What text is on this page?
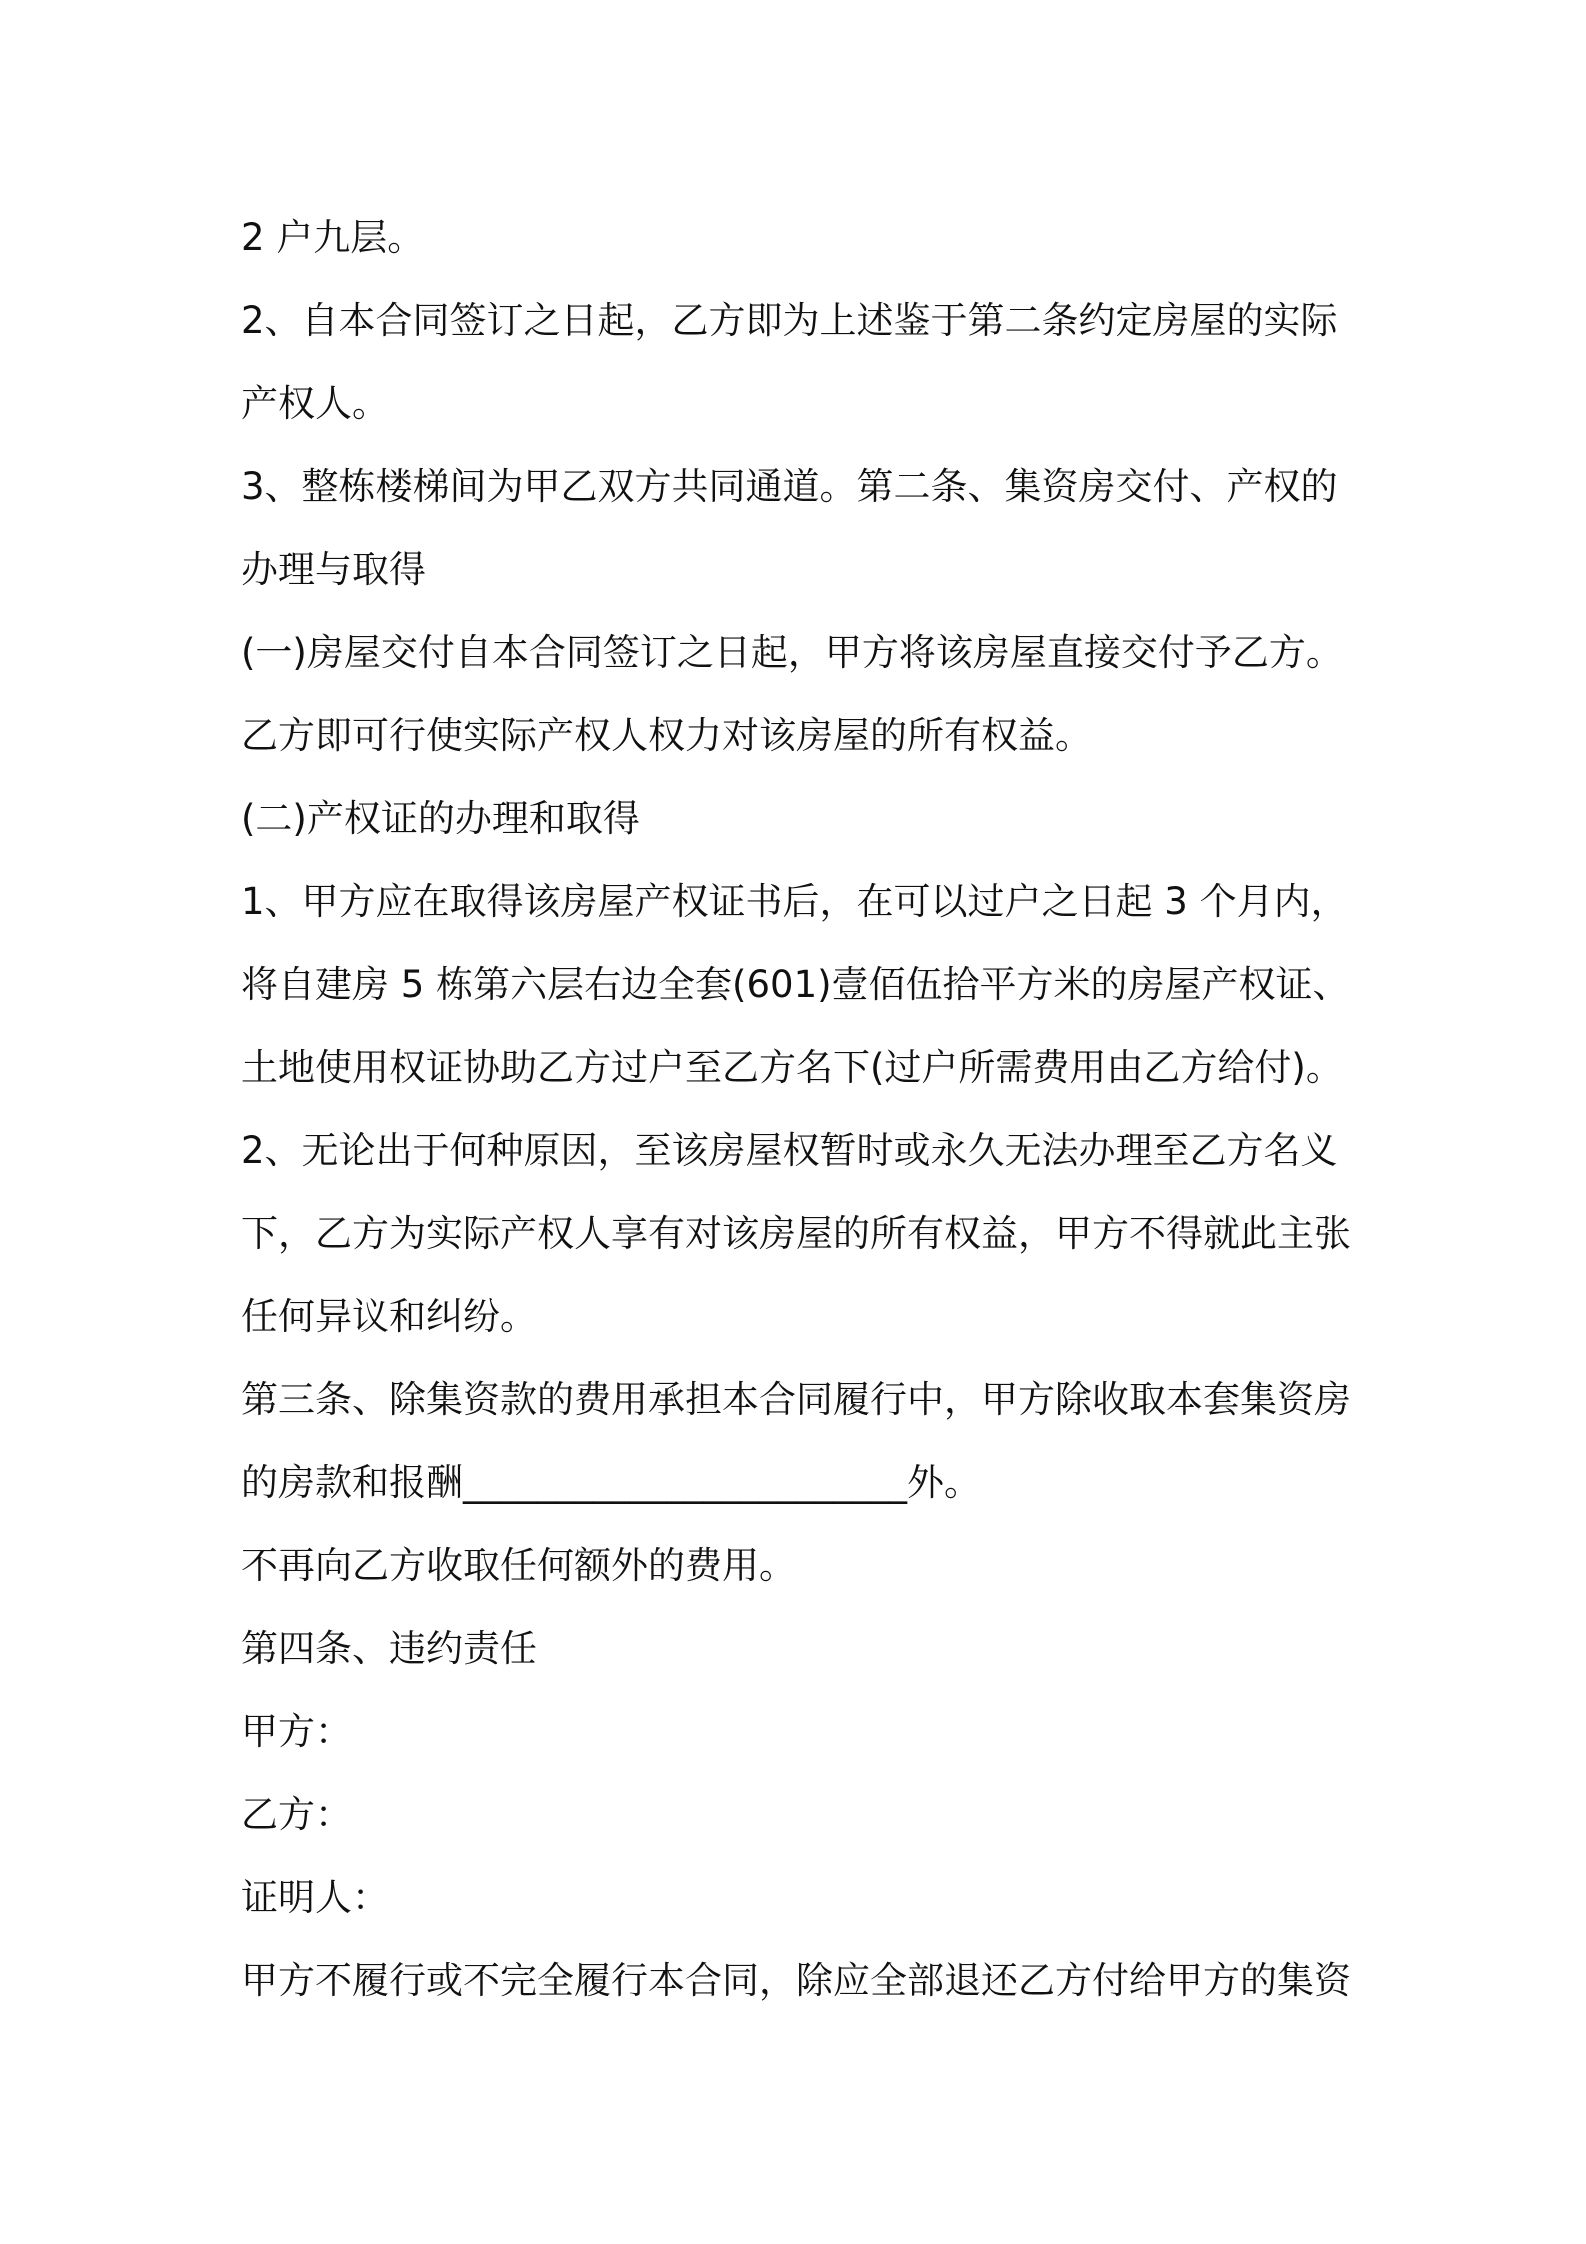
2 户九层。
2、自本合同签订之日起，乙方即为上述鉴于第二条约定房屋的实际
产权人。
3、整栋楼梯间为甲乙双方共同通道。第二条、集资房交付、产权的
办理与取得
(一)房屋交付自本合同签订之日起，甲方将该房屋直接交付予乙方。
乙方即可行使实际产权人权力对该房屋的所有权益。
(二)产权证的办理和取得
1、甲方应在取得该房屋产权证书后，在可以过户之日起 3 个月内，
将自建房 5 栋第六层右边全套(601)壹佰伍拾平方米的房屋产权证、
土地使用权证协助乙方过户至乙方名下(过户所需费用由乙方给付)。
2、无论出于何种原因，至该房屋权暂时或永久无法办理至乙方名义
下，乙方为实际产权人享有对该房屋的所有权益，甲方不得就此主张
任何异议和纠纷。
第三条、除集资款的费用承担本合同履行中，甲方除收取本套集资房
的房款和报酬________________________外。
不再向乙方收取任何额外的费用。
第四条、违约责任
甲方：
乙方：
证明人：
甲方不履行或不完全履行本合同，除应全部退还乙方付给甲方的集资
